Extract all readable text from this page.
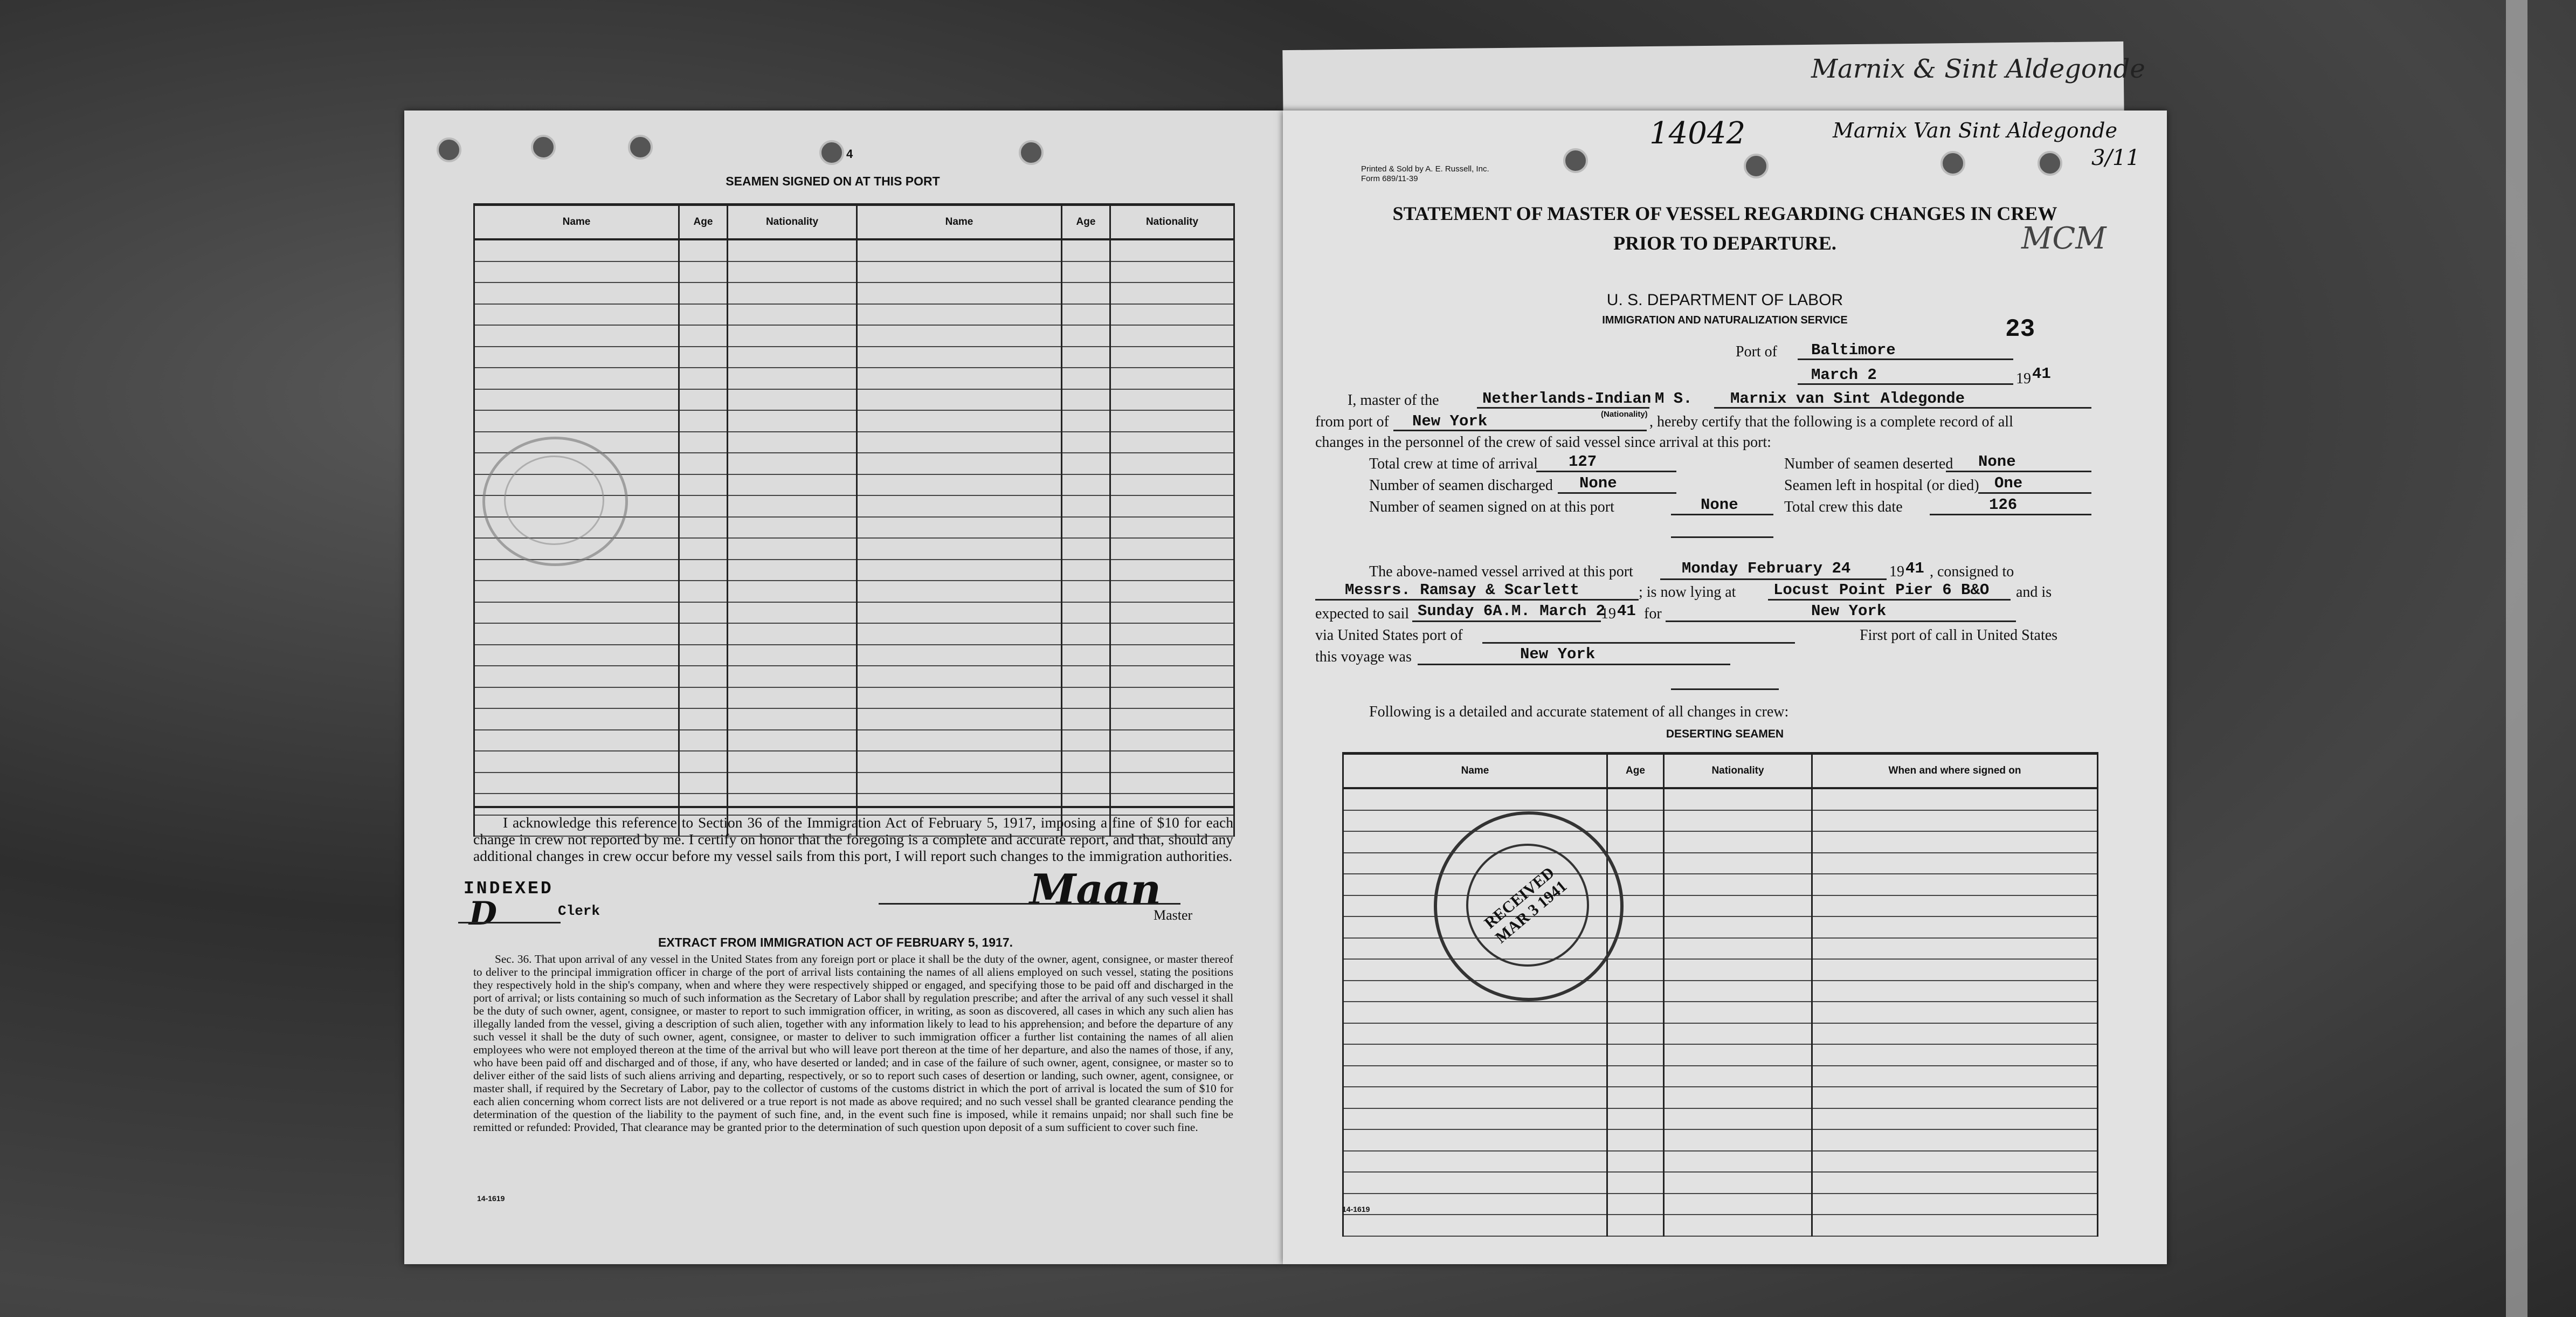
Marnix & Sint Aldegonde
4
SEAMEN SIGNED ON AT THIS PORT
Name	Age	Nationality	Name	Age	Nationality

I acknowledge this reference to Section 36 of the Immigration Act of February 5, 1917, imposing a fine of $10 for each change in crew not reported by me. I certify on honor that the foregoing is a complete and accurate report, and that, should any additional changes in crew occur before my vessel sails from this port, I will report such changes to the immigration authorities.
INDEXED
D	Clerk	Maan
Master
EXTRACT FROM IMMIGRATION ACT OF FEBRUARY 5, 1917.
Sec. 36. That upon arrival of any vessel in the United States from any foreign port or place it shall be the duty of the owner, agent, consignee, or master thereof to deliver to the principal immigration officer in charge of the port of arrival lists containing the names of all aliens employed on such vessel, stating the positions they respectively hold in the ship's company, when and where they were respectively shipped or engaged, and specifying those to be paid off and discharged in the port of arrival; or lists containing so much of such information as the Secretary of Labor shall by regulation prescribe; and after the arrival of any such vessel it shall be the duty of such owner, agent, consignee, or master to report to such immigration officer, in writing, as soon as discovered, all cases in which any such alien has illegally landed from the vessel, giving a description of such alien, together with any information likely to lead to his apprehension; and before the departure of any such vessel it shall be the duty of such owner, agent, consignee, or master to deliver to such immigration officer a further list containing the names of all alien employees who were not employed thereon at the time of the arrival but who will leave port thereon at the time of her departure, and also the names of those, if any, who have been paid off and discharged and of those, if any, who have deserted or landed; and in case of the failure of such owner, agent, consignee, or master so to deliver either of the said lists of such aliens arriving and departing, respectively, or so to report such cases of desertion or landing, such owner, agent, consignee, or master shall, if required by the Secretary of Labor, pay to the collector of customs of the customs district in which the port of arrival is located the sum of $10 for each alien concerning whom correct lists are not delivered or a true report is not made as above required; and no such vessel shall be granted clearance pending the determination of the question of the liability to the payment of such fine, and, in the event such fine is imposed, while it remains unpaid; nor shall such fine be remitted or refunded: Provided, That clearance may be granted prior to the determination of such question upon deposit of a sum sufficient to cover such fine.
14-1619
Printed & Sold by A. E. Russell, Inc.
Form 689/11-39
14042	Marnix Van Sint Aldegonde
3/11
STATEMENT OF MASTER OF VESSEL REGARDING CHANGES IN CREW
PRIOR TO DEPARTURE.	MCM
U. S. DEPARTMENT OF LABOR
IMMIGRATION AND NATURALIZATION SERVICE	23
Port of Baltimore
March 2	19 41
I, master of the	Netherlands-Indian M S. Marnix van Sint Aldegonde
(Nationality)
from port of New York	, hereby certify that the following is a complete record of all
changes in the personnel of the crew of said vessel since arrival at this port:
Total crew at time of arrival 127	Number of seamen deserted None
Number of seamen discharged None	Seamen left in hospital (or died) One
Number of seamen signed on at this port	None	Total crew this date	126
The above-named vessel arrived at this port	Monday February 24	19 41 , consigned to
Messrs. Ramsay & Scarlett	; is now lying at Locust Point Pier 6 B&O and is
expected to sail Sunday 6A.M. March 2
19 41 for	New York
via United States port of	First port of call in United States
this voyage was	New York
Following is a detailed and accurate statement of all changes in crew:
DESERTING SEAMEN
Name	Age	Nationality	When and where signed on

RECEIVED MAR 3 1941
14-1619
